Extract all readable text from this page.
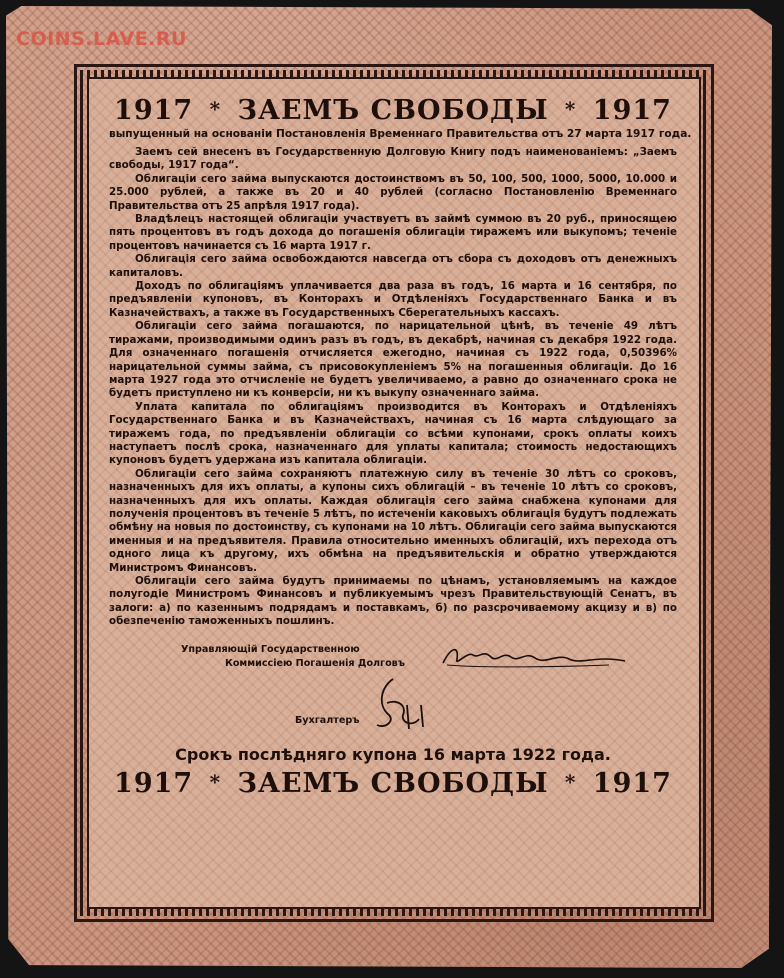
COINS.LAVE.RU
1917 * ЗАЕМЪ СВОБОДЫ * 1917
выпущенный на основаніи Постановленія Временнаго Правительства отъ 27 марта 1917 года.

Заемъ сей внесенъ въ Государственную Долговую Книгу подъ наименованіемъ: „Заемъ свободы, 1917 года“.

Облигаціи сего займа выпускаются достоинствомъ въ 50, 100, 500, 1000, 5000, 10.000 и 25.000 рублей, а также въ 20 и 40 рублей (согласно Постановленію Временнаго Правительства отъ 25 апрѣля 1917 года).

Владѣлецъ настоящей облигаціи участвуетъ въ займѣ суммою въ 20 руб., приносящею пять процентовъ въ годъ дохода до погашенія облигаціи тиражемъ или выкупомъ; теченіе процентовъ начинается съ 16 марта 1917 г.

Облигація сего займа освобождаются навсегда отъ сбора съ доходовъ отъ денежныхъ капиталовъ.

Доходъ по облигаціямъ уплачивается два раза въ годъ, 16 марта и 16 сентября, по предъявленіи купоновъ, въ Конторахъ и Отдѣленіяхъ Государственнаго Банка и въ Казначействахъ, а также въ Государственныхъ Сберегательныхъ кассахъ.

Облигаціи сего займа погашаются, по нарицательной цѣнѣ, въ теченіе 49 лѣтъ тиражами, производимыми одинъ разъ въ годъ, въ декабрѣ, начиная съ декабря 1922 года. Для означеннаго погашенія отчисляется ежегодно, начиная съ 1922 года, 0,50396% нарицательной суммы займа, съ присовокупленіемъ 5% на погашенныя облигаціи. До 16 марта 1927 года это отчисленіе не будетъ увеличиваемо, а равно до означеннаго срока не будетъ приступлено ни къ конверсіи, ни къ выкупу означеннаго займа.

Уплата капитала по облигаціямъ производится въ Конторахъ и Отдѣленіяхъ Государственнаго Банка и въ Казначействахъ, начиная съ 16 марта слѣдующаго за тиражемъ года, по предъявленіи облигаціи со всѣми купонами, срокъ оплаты коихъ наступаетъ послѣ срока, назначеннаго для уплаты капитала; стоимость недостающихъ купоновъ будетъ удержана изъ капитала облигаціи.

Облигаціи сего займа сохраняютъ платежную силу въ теченіе 30 лѣтъ со сроковъ, назначенныхъ для ихъ оплаты, а купоны сихъ облигацій – въ теченіе 10 лѣтъ со сроковъ, назначенныхъ для ихъ оплаты. Каждая облигація сего займа снабжена купонами для полученія процентовъ въ теченіе 5 лѣтъ, по истеченіи каковыхъ облигація будутъ подлежать обмѣну на новыя по достоинству, съ купонами на 10 лѣтъ. Облигаціи сего займа выпускаются именныя и на предъявителя. Правила относительно именныхъ облигацій, ихъ перехода отъ одного лица къ другому, ихъ обмѣна на предъявительскія и обратно утверждаются Министромъ Финансовъ.

Облигаціи сего займа будутъ принимаемы по цѣнамъ, установляемымъ на каждое полугодіе Министромъ Финансовъ и публикуемымъ чрезъ Правительствующій Сенатъ, въ залоги: а) по казеннымъ подрядамъ и поставкамъ, б) по разсрочиваемому акцизу и в) по обезпеченію таможенныхъ пошлинъ.

Управляющій Государственною
Коммиссіею Погашенія Долговъ
Бухгалтеръ
Срокъ послѣдняго купона 16 марта 1922 года.
1917 * ЗАЕМЪ СВОБОДЫ * 1917
